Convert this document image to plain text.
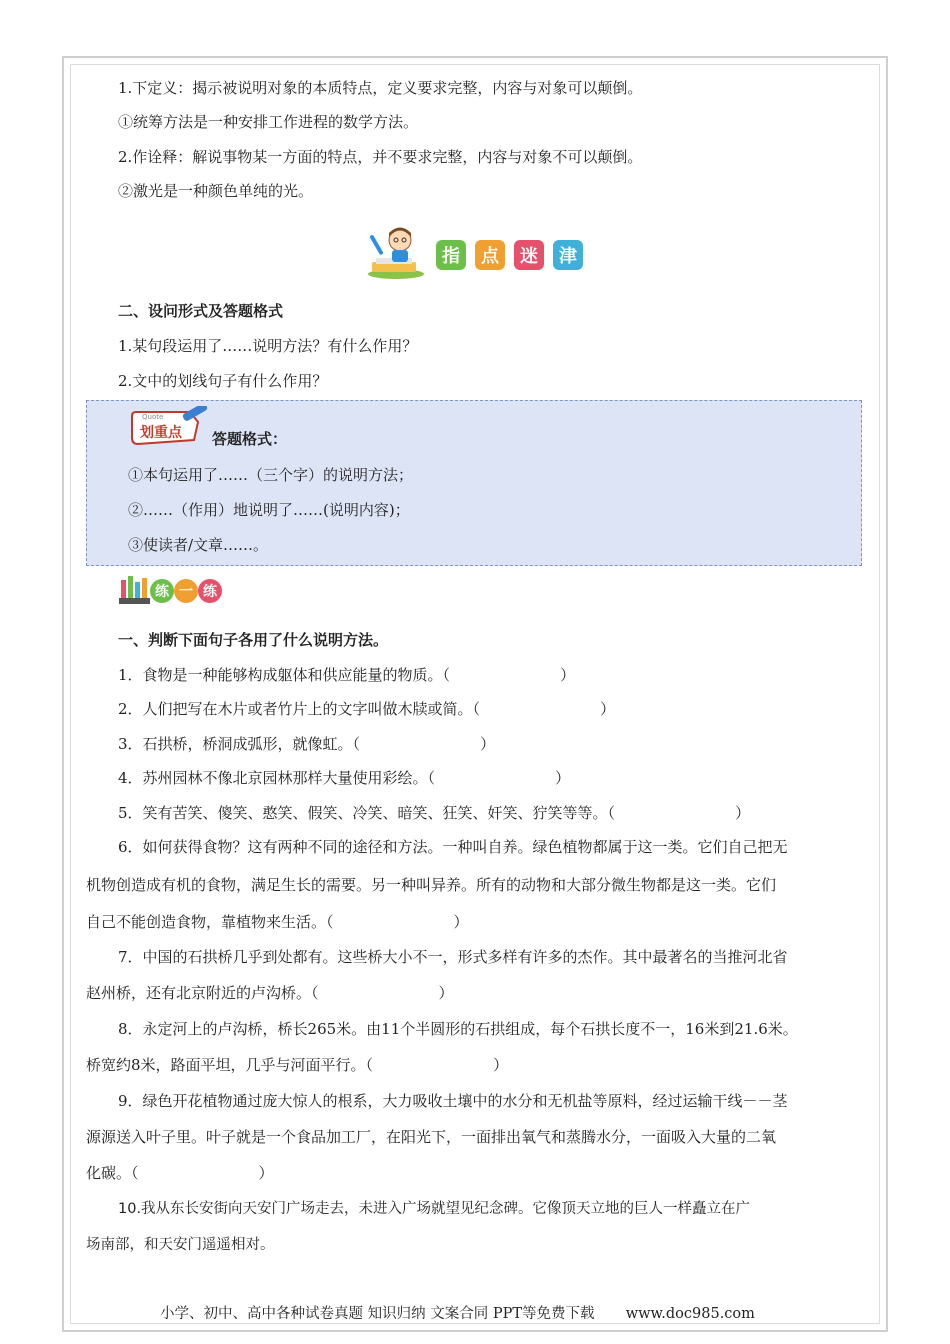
1.下定义：揭示被说明对象的本质特点，定义要求完整，内容与对象可以颠倒。
①统筹方法是一种安排工作进程的数学方法。
2.作诠释：解说事物某一方面的特点，并不要求完整，内容与对象不可以颠倒。
②激光是一种颜色单纯的光。
指	点	迷	津
二、设问形式及答题格式
1.某句段运用了……说明方法？有什么作用？
2.文中的划线句子有什么作用？
Quote
划重点 答题格式：
①本句运用了……（三个字）的说明方法；
②……（作用）地说明了……(说明内容)；
③使读者/文章……。
练 一 练
一、判断下面句子各用了什么说明方法。
1．食物是一种能够构成躯体和供应能量的物质。（	）
2．人们把写在木片或者竹片上的文字叫做木牍或简。（	）
3．石拱桥，桥洞成弧形，就像虹。（	）
4．苏州园林不像北京园林那样大量使用彩绘。（	）
5．笑有苦笑、傻笑、憨笑、假笑、冷笑、暗笑、狂笑、奸笑、狞笑等等。（	）
6．如何获得食物？这有两种不同的途径和方法。一种叫自养。绿色植物都属于这一类。它们自己把无
机物创造成有机的食物，满足生长的需要。另一种叫异养。所有的动物和大部分微生物都是这一类。它们
自己不能创造食物，靠植物来生活。（	）
7．中国的石拱桥几乎到处都有。这些桥大小不一，形式多样有许多的杰作。其中最著名的当推河北省
赵州桥，还有北京附近的卢沟桥。（	）
8．永定河上的卢沟桥，桥长265米。由11个半圆形的石拱组成，每个石拱长度不一，16米到21.6米。
桥宽约8米，路面平坦，几乎与河面平行。（	）
9．绿色开花植物通过庞大惊人的根系，大力吸收土壤中的水分和无机盐等原料，经过运输干线－－茎
源源送入叶子里。叶子就是一个食品加工厂，在阳光下，一面排出氧气和蒸腾水分，一面吸入大量的二氧
化碳。（	）
10.我从东长安街向天安门广场走去，未进入广场就望见纪念碑。它像顶天立地的巨人一样矗立在广
场南部，和天安门遥遥相对。
小学、初中、高中各种试卷真题 知识归纳 文案合同 PPT等免费下载 www.doc985.com
